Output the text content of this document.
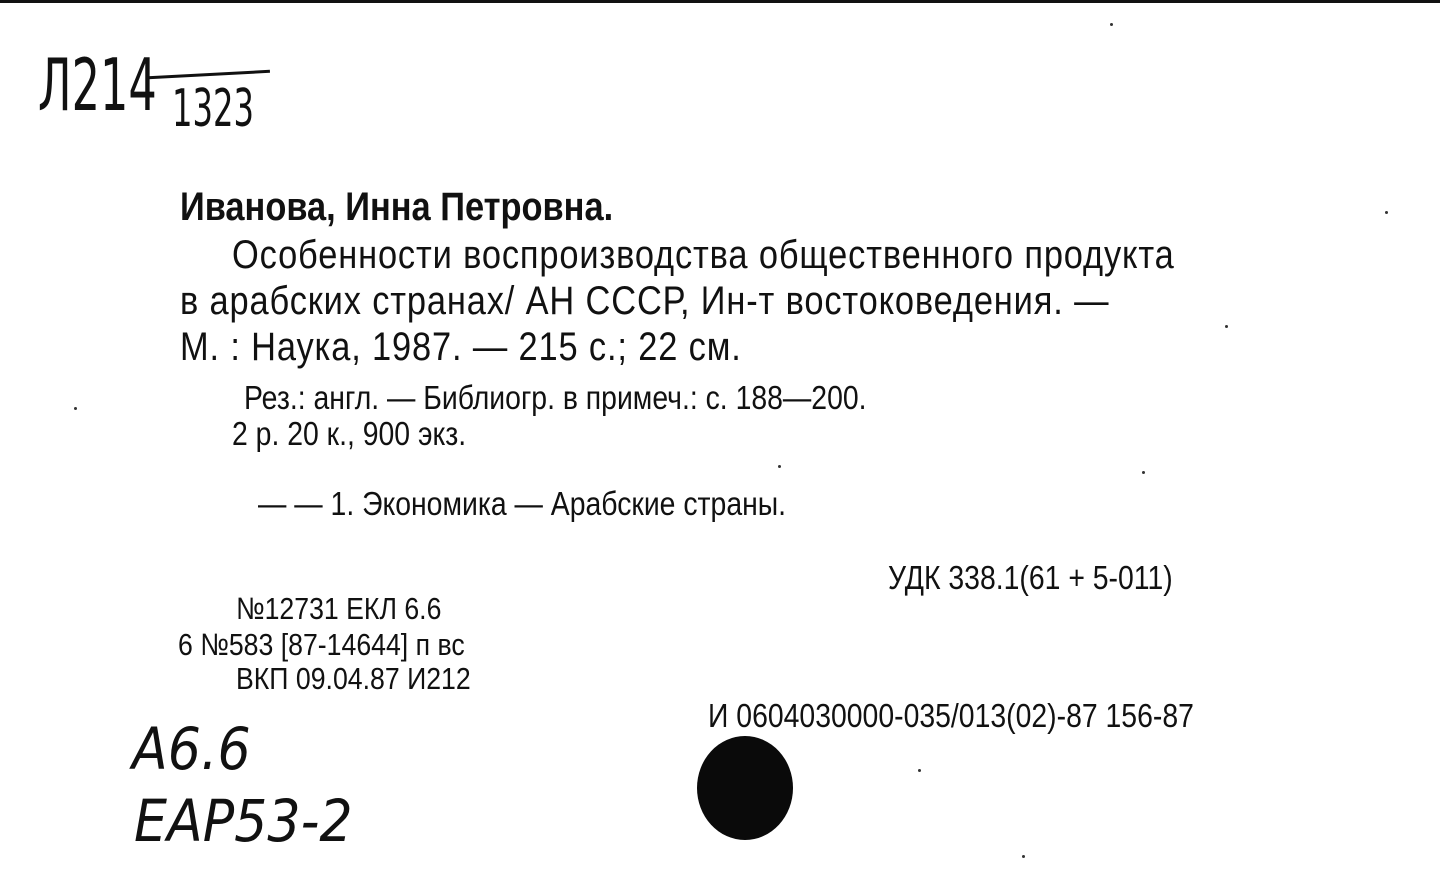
Л214 1323
Иванова, Инна Петровна.
Особенности воспроизводства общественного продукта
в арабских странах/ АН СССР, Ин-т востоковедения. —
М. : Наука, 1987. — 215 с.; 22 см.
Рез.: англ. — Библиогр. в примеч.: с. 188—200.
2 р. 20 к., 900 экз.
— — 1. Экономика — Арабские страны.
УДК 338.1(61 + 5-011)
№12731 ЕКЛ 6.6
6 №583 [87-14644] п вс
ВКП 09.04.87 И212
И 0604030000-035/013(02)-87 156-87
А6.6
ЕАР53-2
